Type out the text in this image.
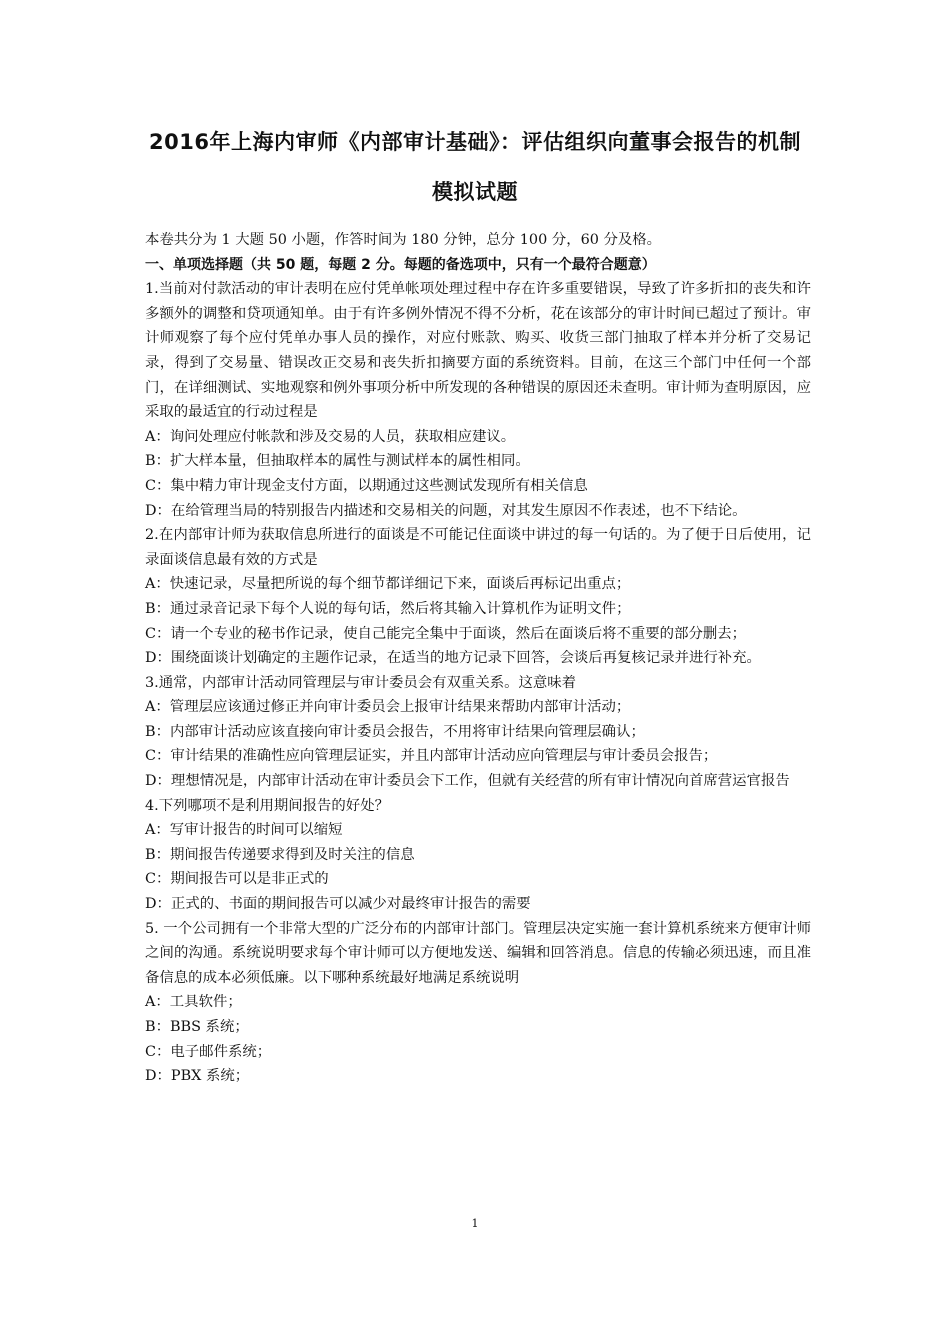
2016年上海内审师《内部审计基础》：评估组织向董事会报告的机制
模拟试题

本卷共分为 1 大题 50 小题，作答时间为 180 分钟，总分 100 分，60 分及格。

一、单项选择题（共 50 题，每题 2 分。每题的备选项中，只有一个最符合题意）

1.当前对付款活动的审计表明在应付凭单帐项处理过程中存在许多重要错误，导致了许多折扣的丧失和许多额外的调整和贷项通知单。由于有许多例外情况不得不分析，花在该部分的审计时间已超过了预计。审计师观察了每个应付凭单办事人员的操作，对应付账款、购买、收货三部门抽取了样本并分析了交易记录，得到了交易量、错误改正交易和丧失折扣摘要方面的系统资料。目前，在这三个部门中任何一个部门，在详细测试、实地观察和例外事项分析中所发现的各种错误的原因还未查明。审计师为查明原因，应采取的最适宜的行动过程是

A：询问处理应付帐款和涉及交易的人员，获取相应建议。

B：扩大样本量，但抽取样本的属性与测试样本的属性相同。

C：集中精力审计现金支付方面，以期通过这些测试发现所有相关信息

D：在给管理当局的特别报告内描述和交易相关的问题，对其发生原因不作表述，也不下结论。

2.在内部审计师为获取信息所进行的面谈是不可能记住面谈中讲过的每一句话的。为了便于日后使用，记录面谈信息最有效的方式是

A：快速记录，尽量把所说的每个细节都详细记下来，面谈后再标记出重点；

B：通过录音记录下每个人说的每句话，然后将其输入计算机作为证明文件；

C：请一个专业的秘书作记录，使自己能完全集中于面谈，然后在面谈后将不重要的部分删去；

D：围绕面谈计划确定的主题作记录，在适当的地方记录下回答，会谈后再复核记录并进行补充。

3.通常，内部审计活动同管理层与审计委员会有双重关系。这意味着

A：管理层应该通过修正并向审计委员会上报审计结果来帮助内部审计活动；

B：内部审计活动应该直接向审计委员会报告，不用将审计结果向管理层确认；

C：审计结果的准确性应向管理层证实，并且内部审计活动应向管理层与审计委员会报告；

D：理想情况是，内部审计活动在审计委员会下工作，但就有关经营的所有审计情况向首席营运官报告

4.下列哪项不是利用期间报告的好处？

A：写审计报告的时间可以缩短

B：期间报告传递要求得到及时关注的信息

C：期间报告可以是非正式的

D：正式的、书面的期间报告可以减少对最终审计报告的需要

5. 一个公司拥有一个非常大型的广泛分布的内部审计部门。管理层决定实施一套计算机系统来方便审计师之间的沟通。系统说明要求每个审计师可以方便地发送、编辑和回答消息。信息的传输必须迅速，而且准备信息的成本必须低廉。以下哪种系统最好地满足系统说明

A：工具软件；

B：BBS 系统；

C：电子邮件系统；

D：PBX 系统；

1
